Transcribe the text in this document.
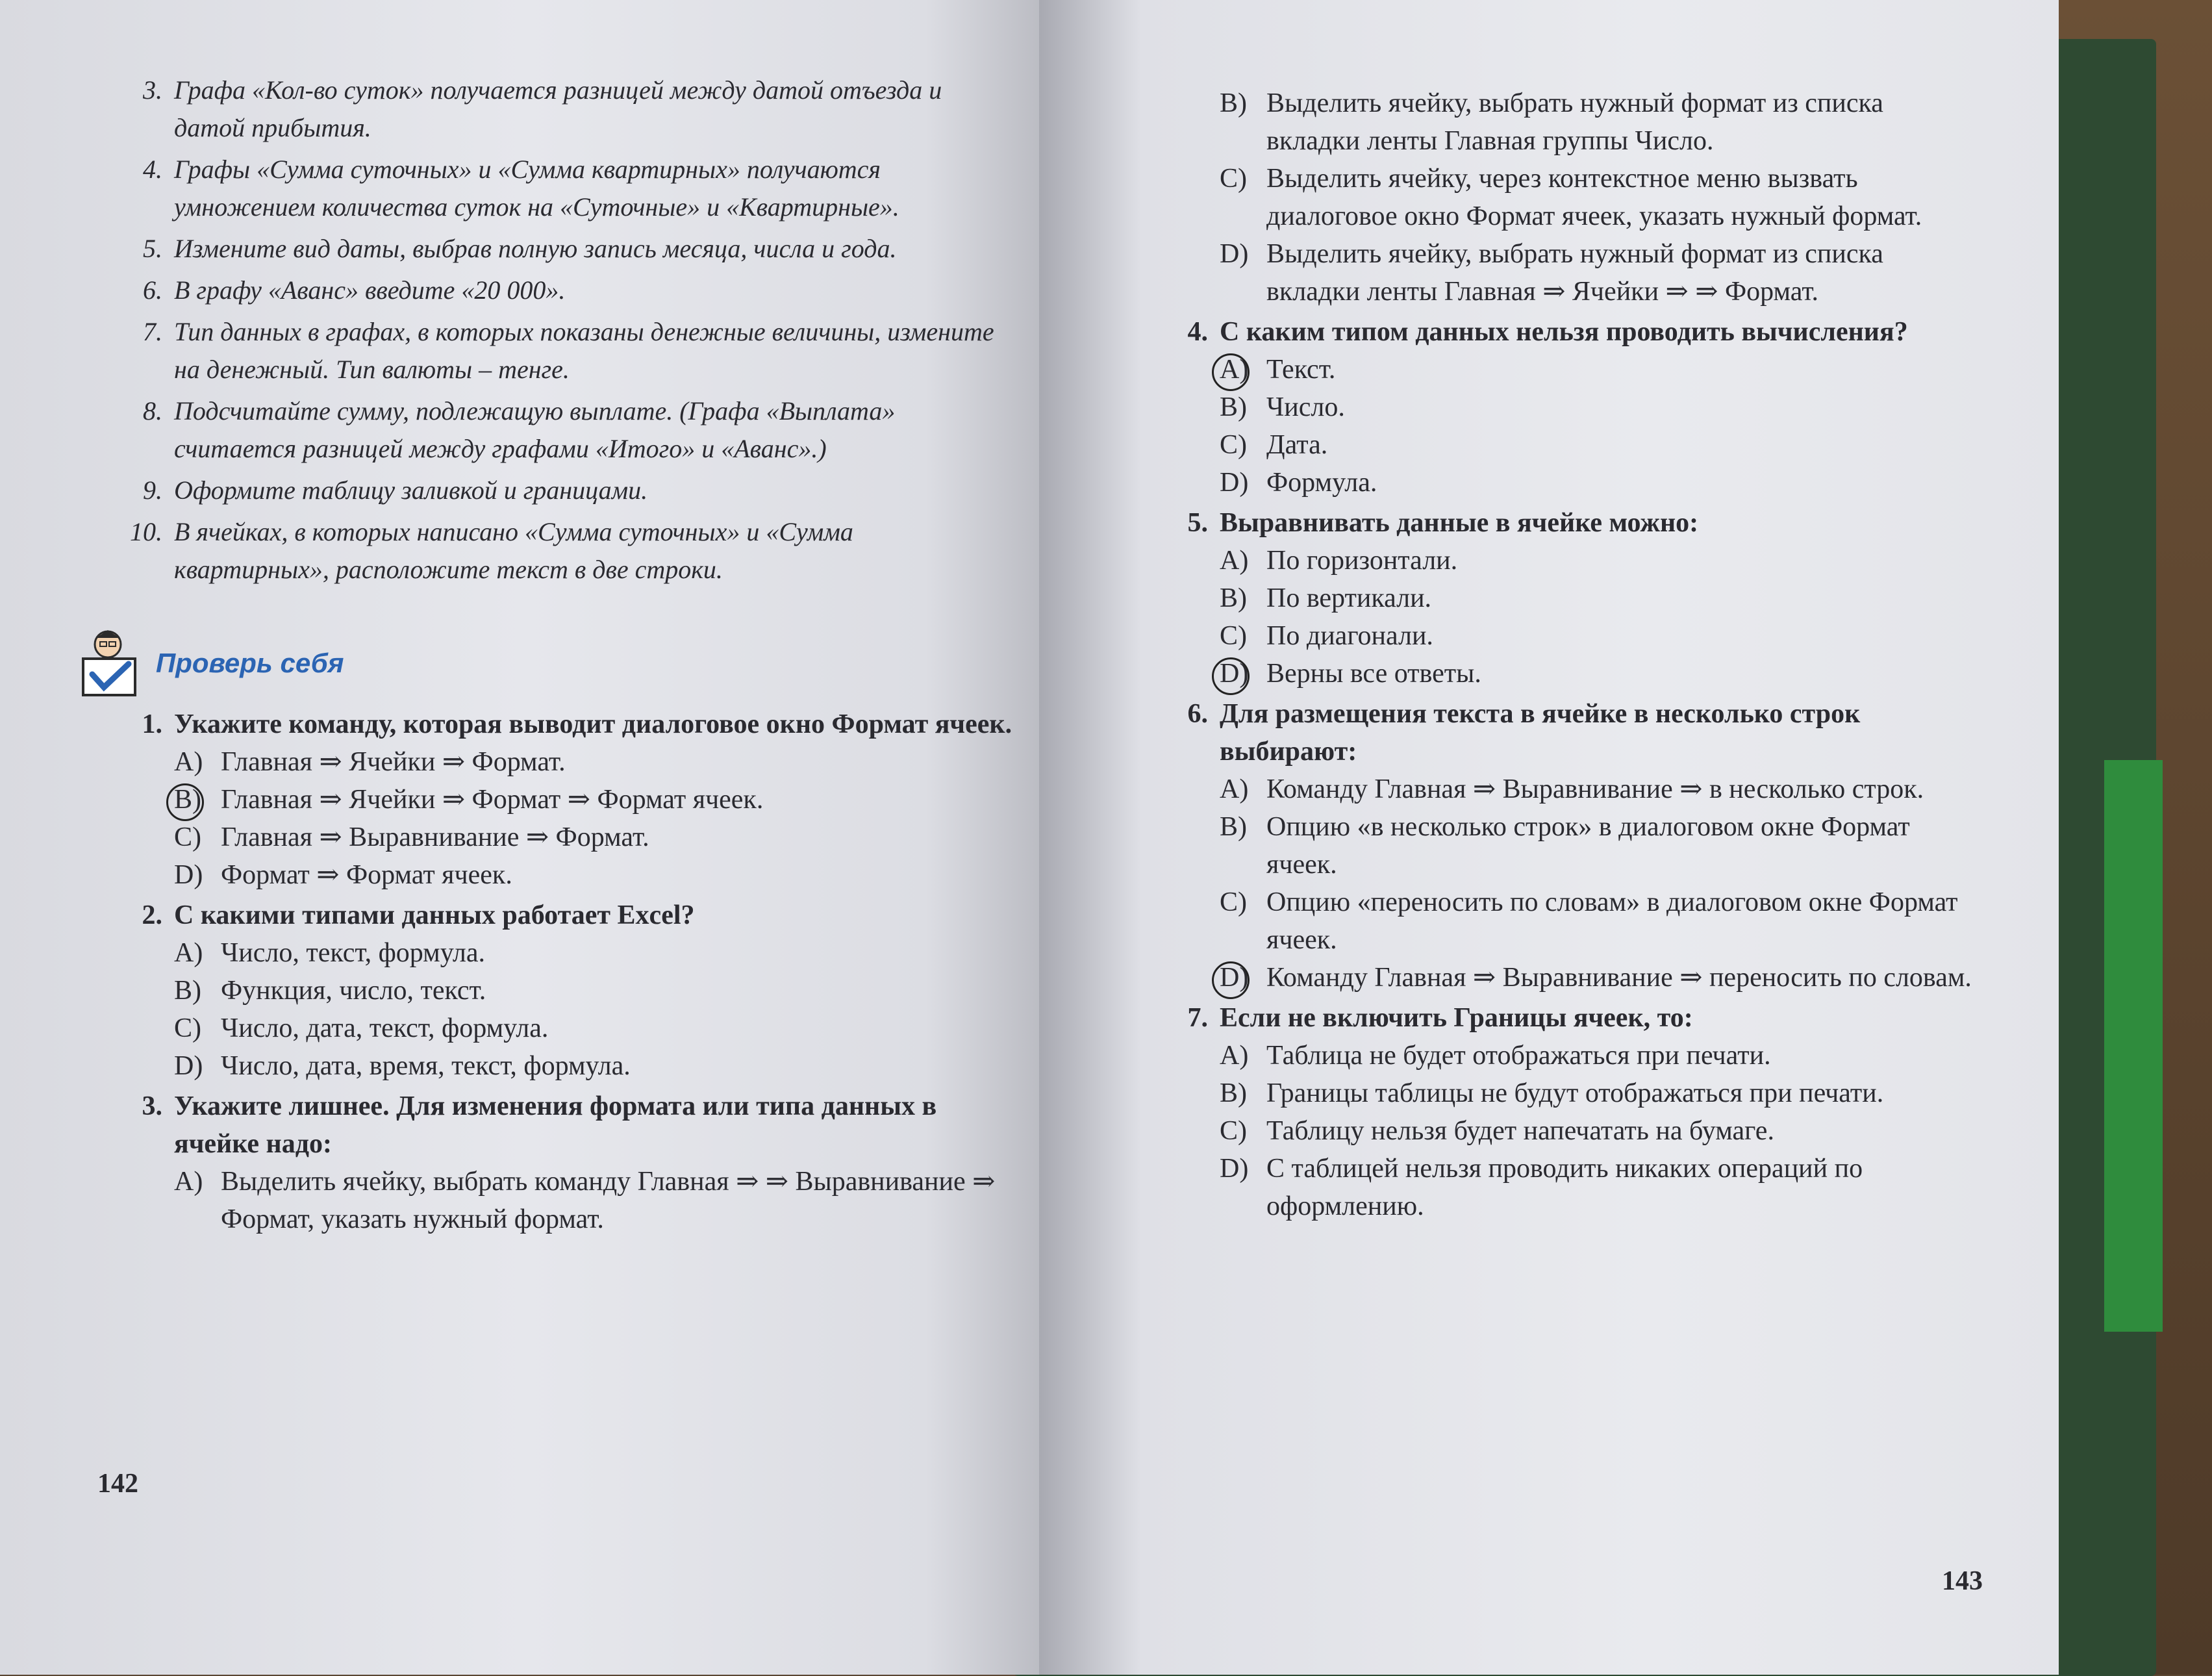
3. Графа «Кол-во суток» получается разницей между датой отъезда и датой прибытия.
4. Графы «Сумма суточных» и «Сумма квартирных» получаются умножением количества суток на «Суточные» и «Квартирные».
5. Измените вид даты, выбрав полную запись месяца, числа и года.
6. В графу «Аванс» введите «20 000».
7. Тип данных в графах, в которых показаны денежные величины, измените на денежный. Тип валюты – тенге.
8. Подсчитайте сумму, подлежащую выплате. (Графа «Выплата» считается разницей между графами «Итого» и «Аванс».)
9. Оформите таблицу заливкой и границами.
10. В ячейках, в которых написано «Сумма суточных» и «Сумма квартирных», расположите текст в две строки.
Проверь себя
1. Укажите команду, которая выводит диалоговое окно Формат ячеек.
A) Главная ⇒ Ячейки ⇒ Формат.
B) Главная ⇒ Ячейки ⇒ Формат ⇒ Формат ячеек.
C) Главная ⇒ Выравнивание ⇒ Формат.
D) Формат ⇒ Формат ячеек.
2. С какими типами данных работает Excel?
A) Число, текст, формула.
B) Функция, число, текст.
C) Число, дата, текст, формула.
D) Число, дата, время, текст, формула.
3. Укажите лишнее. Для изменения формата или типа данных в ячейке надо:
A) Выделить ячейку, выбрать команду Главная ⇒ ⇒ Выравнивание ⇒ Формат, указать нужный формат.
142
B) Выделить ячейку, выбрать нужный формат из списка вкладки ленты Главная группы Число.
C) Выделить ячейку, через контекстное меню вызвать диалоговое окно Формат ячеек, указать нужный формат.
D) Выделить ячейку, выбрать нужный формат из списка вкладки ленты Главная ⇒ Ячейки ⇒ ⇒ Формат.
4. С каким типом данных нельзя проводить вычисления?
A) Текст.
B) Число.
C) Дата.
D) Формула.
5. Выравнивать данные в ячейке можно:
A) По горизонтали.
B) По вертикали.
C) По диагонали.
D) Верны все ответы.
6. Для размещения текста в ячейке в несколько строк выбирают:
A) Команду Главная ⇒ Выравнивание ⇒ в несколько строк.
B) Опцию «в несколько строк» в диалоговом окне Формат ячеек.
C) Опцию «переносить по словам» в диалоговом окне Формат ячеек.
D) Команду Главная ⇒ Выравнивание ⇒ переносить по словам.
7. Если не включить Границы ячеек, то:
A) Таблица не будет отображаться при печати.
B) Границы таблицы не будут отображаться при печати.
C) Таблицу нельзя будет напечатать на бумаге.
D) С таблицей нельзя проводить никаких операций по оформлению.
143
